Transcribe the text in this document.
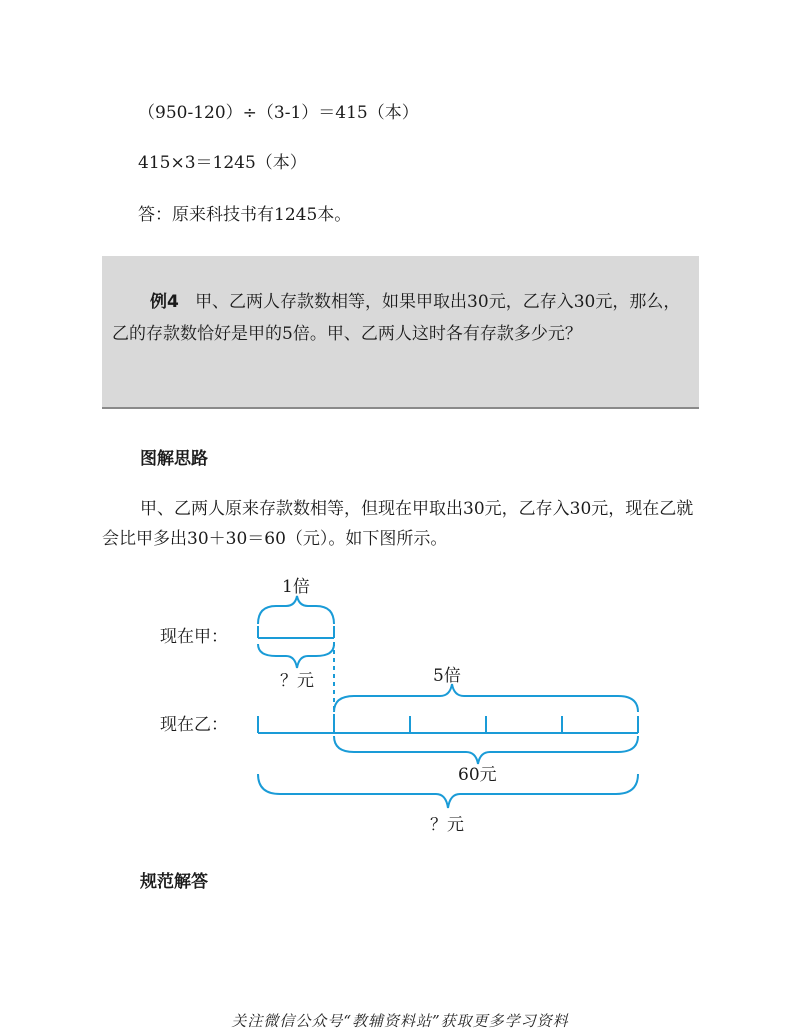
（950-120）÷（3-1）＝415（本）
415×3＝1245（本）
答：原来科技书有1245本。
例4 甲、乙两人存款数相等，如果甲取出30元，乙存入30元，那么，乙的存款数恰好是甲的5倍。甲、乙两人这时各有存款多少元？
图解思路
甲、乙两人原来存款数相等，但现在甲取出30元，乙存入30元，现在乙就会比甲多出30＋30＝60（元）。如下图所示。
1倍
现在甲：
？元	5倍
现在乙：
60元
？元
规范解答
关注微信公众号“教辅资料站”获取更多学习资料
